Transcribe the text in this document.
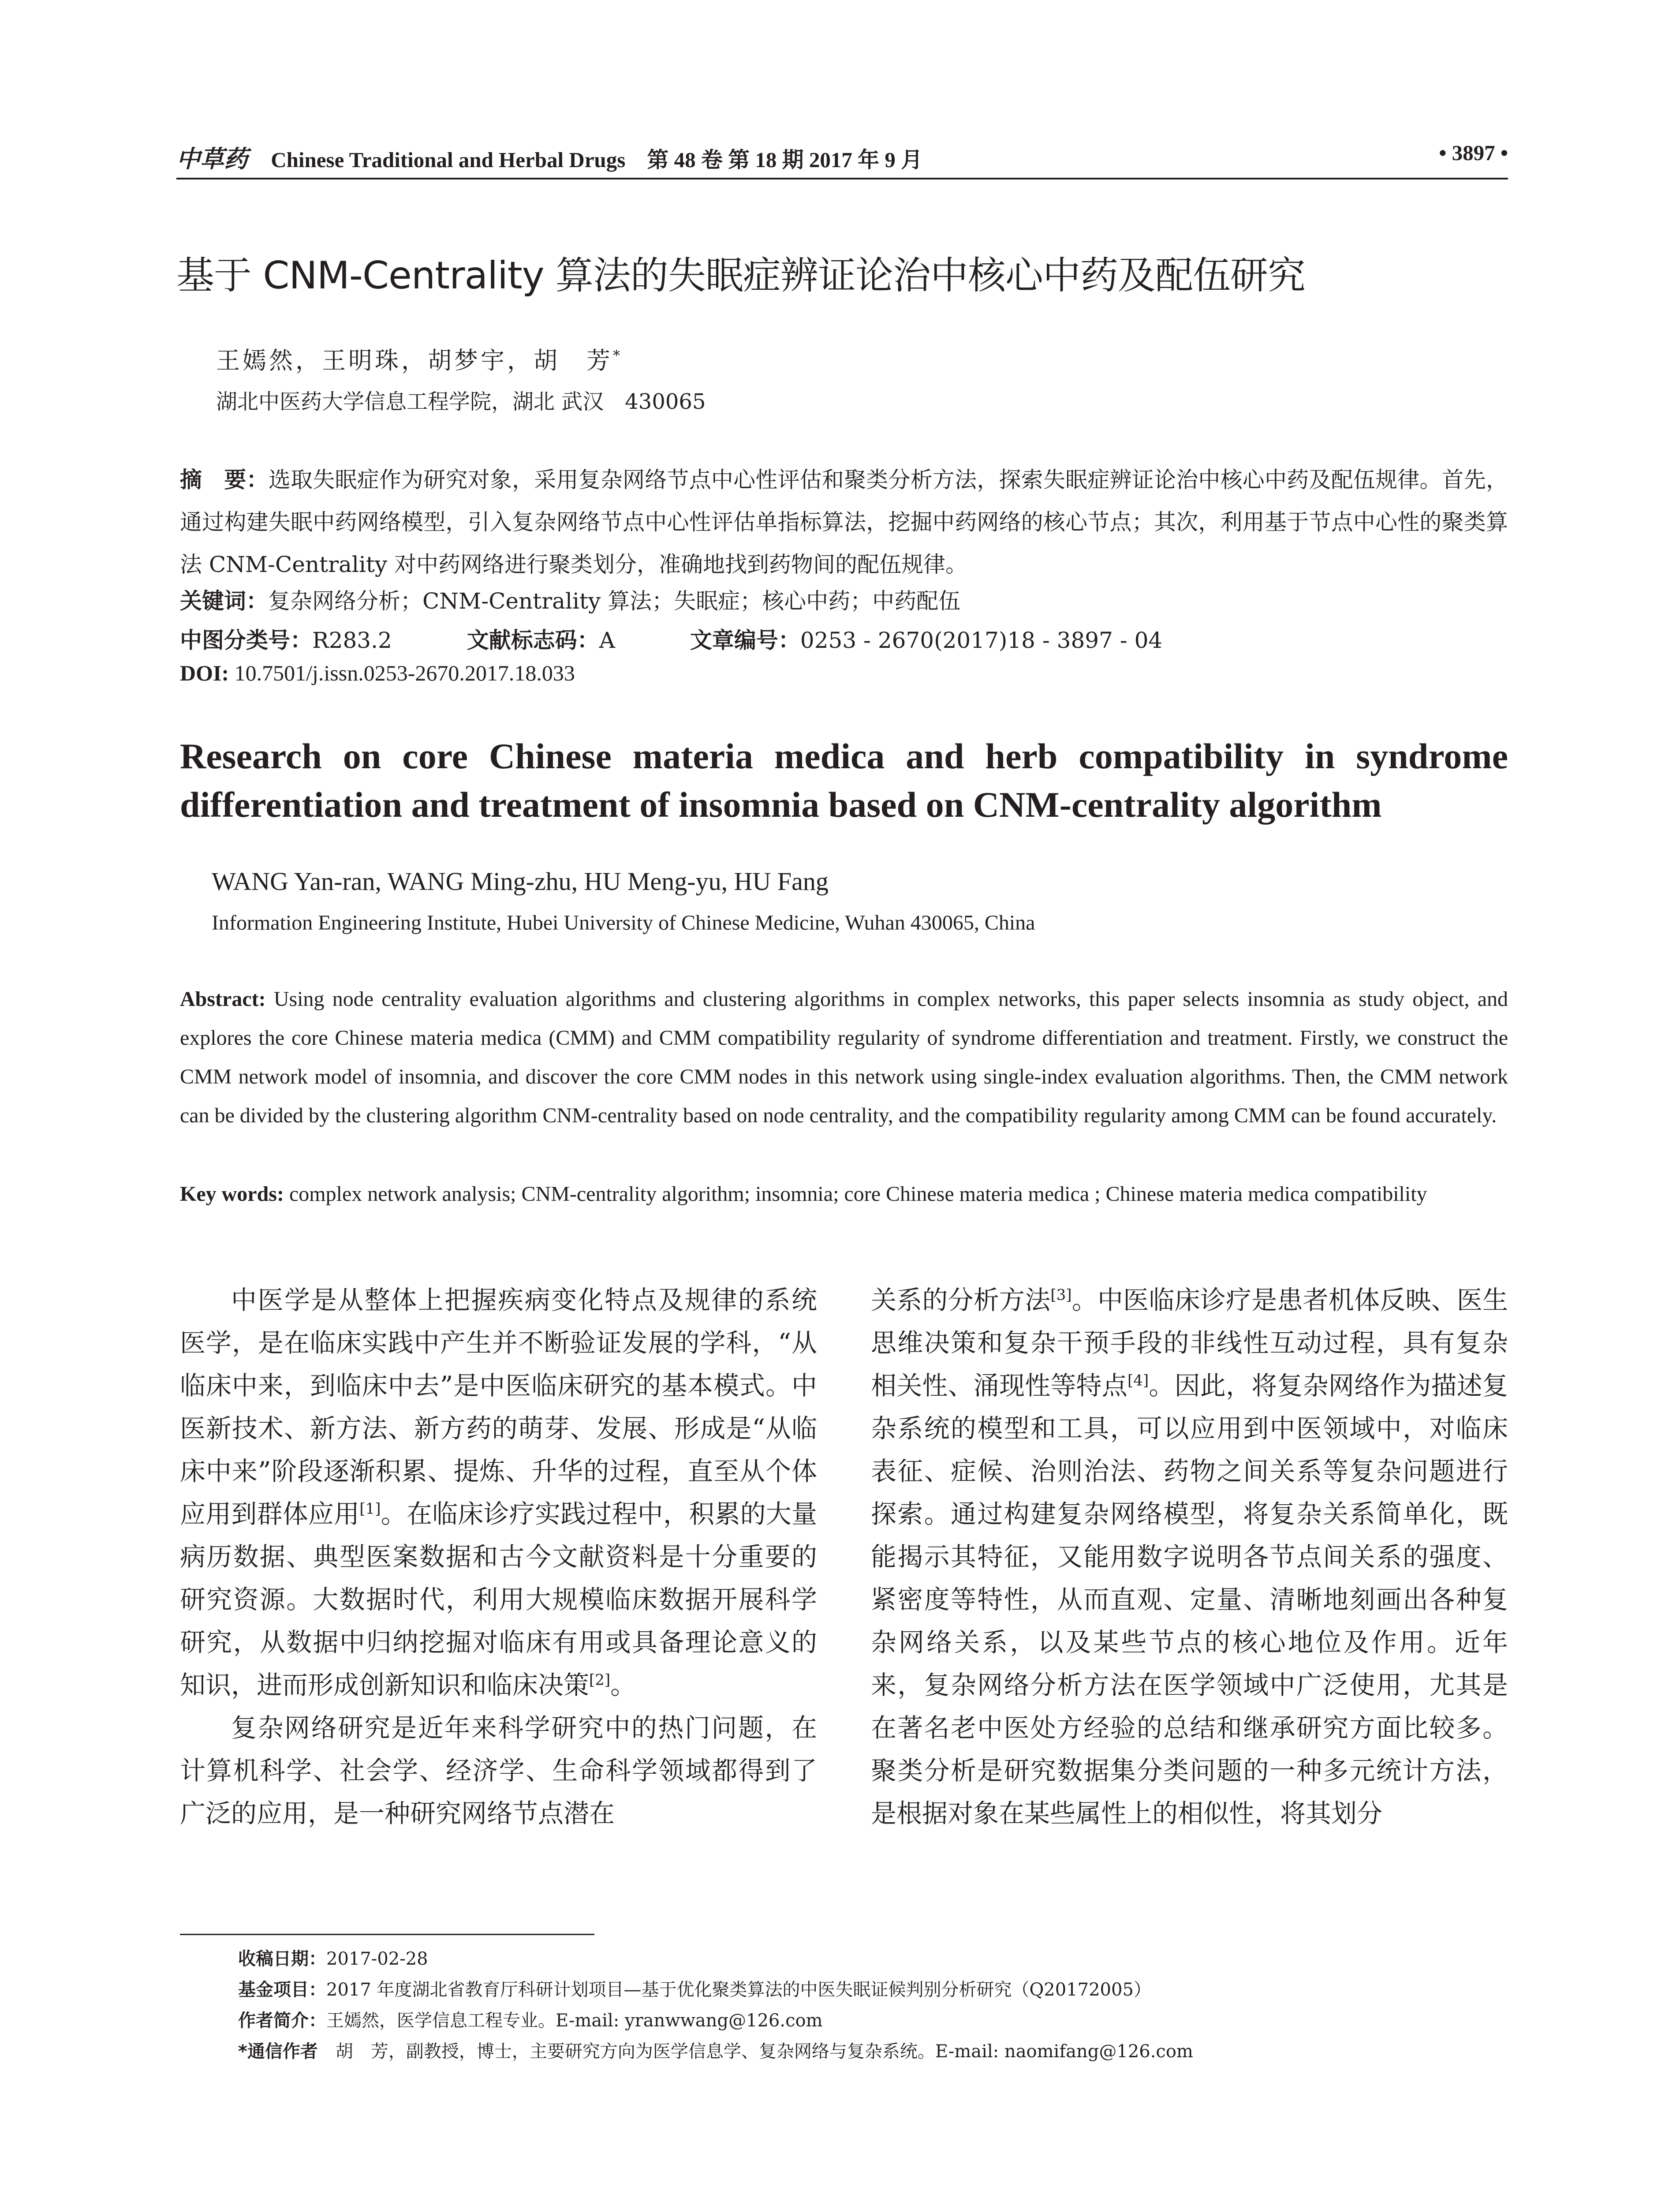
中草药 Chinese Traditional and Herbal Drugs　第 48 卷 第 18 期 2017 年 9 月	• 3897 •
基于 CNM-Centrality 算法的失眠症辨证论治中核心中药及配伍研究
王嫣然，王明珠，胡梦宇，胡　芳*
湖北中医药大学信息工程学院，湖北 武汉　430065
摘　要：选取失眠症作为研究对象，采用复杂网络节点中心性评估和聚类分析方法，探索失眠症辨证论治中核心中药及配伍规律。首先，通过构建失眠中药网络模型，引入复杂网络节点中心性评估单指标算法，挖掘中药网络的核心节点；其次，利用基于节点中心性的聚类算法 CNM-Centrality 对中药网络进行聚类划分，准确地找到药物间的配伍规律。
关键词：复杂网络分析；CNM-Centrality 算法；失眠症；核心中药；中药配伍
中图分类号：R283.2	文献标志码：A	文章编号：0253 - 2670(2017)18 - 3897 - 04
DOI: 10.7501/j.issn.0253-2670.2017.18.033
Research on core Chinese materia medica and herb compatibility in syndrome differentiation and treatment of insomnia based on CNM-centrality algorithm
WANG Yan-ran, WANG Ming-zhu, HU Meng-yu, HU Fang
Information Engineering Institute, Hubei University of Chinese Medicine, Wuhan 430065, China
Abstract: Using node centrality evaluation algorithms and clustering algorithms in complex networks, this paper selects insomnia as study object, and explores the core Chinese materia medica (CMM) and CMM compatibility regularity of syndrome differentiation and treatment. Firstly, we construct the CMM network model of insomnia, and discover the core CMM nodes in this network using single-index evaluation algorithms. Then, the CMM network can be divided by the clustering algorithm CNM-centrality based on node centrality, and the compatibility regularity among CMM can be found accurately.
Key words: complex network analysis; CNM-centrality algorithm; insomnia; core Chinese materia medica ; Chinese materia medica compatibility

中医学是从整体上把握疾病变化特点及规律的系统医学，是在临床实践中产生并不断验证发展的学科，“从临床中来，到临床中去”是中医临床研究的基本模式。中医新技术、新方法、新方药的萌芽、发展、形成是“从临床中来”阶段逐渐积累、提炼、升华的过程，直至从个体应用到群体应用[1]。在临床诊疗实践过程中，积累的大量病历数据、典型医案数据和古今文献资料是十分重要的研究资源。大数据时代，利用大规模临床数据开展科学研究，从数据中归纳挖掘对临床有用或具备理论意义的知识，进而形成创新知识和临床决策[2]。

复杂网络研究是近年来科学研究中的热门问题，在计算机科学、社会学、经济学、生命科学领域都得到了广泛的应用，是一种研究网络节点潜在

关系的分析方法[3]。中医临床诊疗是患者机体反映、医生思维决策和复杂干预手段的非线性互动过程，具有复杂相关性、涌现性等特点[4]。因此，将复杂网络作为描述复杂系统的模型和工具，可以应用到中医领域中，对临床表征、症候、治则治法、药物之间关系等复杂问题进行探索。通过构建复杂网络模型，将复杂关系简单化，既能揭示其特征，又能用数字说明各节点间关系的强度、紧密度等特性，从而直观、定量、清晰地刻画出各种复杂网络关系，以及某些节点的核心地位及作用。近年来，复杂网络分析方法在医学领域中广泛使用，尤其是在著名老中医处方经验的总结和继承研究方面比较多。聚类分析是研究数据集分类问题的一种多元统计方法，是根据对象在某些属性上的相似性，将其划分

收稿日期：2017-02-28
基金项目：2017 年度湖北省教育厅科研计划项目—基于优化聚类算法的中医失眠证候判别分析研究（Q20172005）
作者简介：王嫣然，医学信息工程专业。E-mail: yranwwang@126.com
*通信作者　胡　芳，副教授，博士，主要研究方向为医学信息学、复杂网络与复杂系统。E-mail: naomifang@126.com
